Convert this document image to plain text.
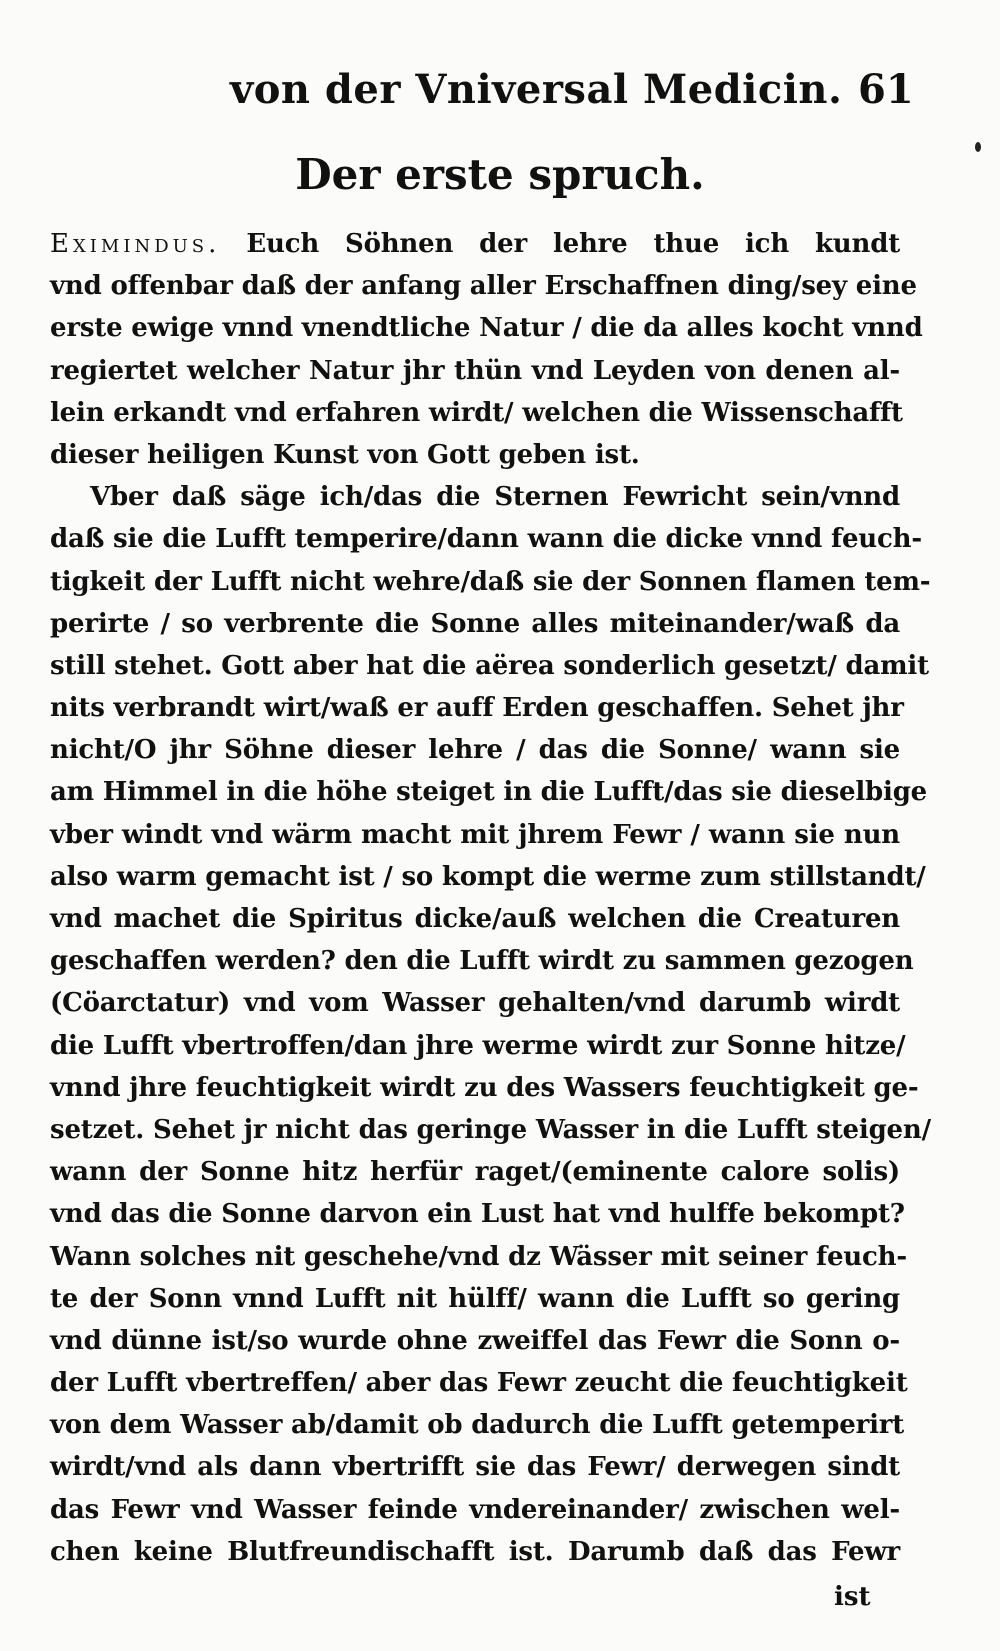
von der Vniversal Medicin. 61
Der erste spruch.
Eximindus. Euch Söhnen der lehre thue ich kundt
vnd offenbar daß der anfang aller Erschaffnen ding/sey eine
erste ewige vnnd vnendtliche Natur / die da alles kocht vnnd
regiertet welcher Natur jhr thün vnd Leyden von denen al-
lein erkandt vnd erfahren wirdt/ welchen die Wissenschafft
dieser heiligen Kunst von Gott geben ist.
Vber daß säge ich/das die Sternen Fewricht sein/vnnd
daß sie die Lufft temperire/dann wann die dicke vnnd feuch-
tigkeit der Lufft nicht wehre/daß sie der Sonnen flamen tem-
perirte / so verbrente die Sonne alles miteinander/waß da
still stehet. Gott aber hat die aërea sonderlich gesetzt/ damit
nits verbrandt wirt/waß er auff Erden geschaffen. Sehet jhr
nicht/O jhr Söhne dieser lehre / das die Sonne/ wann sie
am Himmel in die höhe steiget in die Lufft/das sie dieselbige
vber windt vnd wärm macht mit jhrem Fewr / wann sie nun
also warm gemacht ist / so kompt die werme zum stillstandt/
vnd machet die Spiritus dicke/auß welchen die Creaturen
geschaffen werden? den die Lufft wirdt zu sammen gezogen
(Cöarctatur) vnd vom Wasser gehalten/vnd darumb wirdt
die Lufft vbertroffen/dan jhre werme wirdt zur Sonne hitze/
vnnd jhre feuchtigkeit wirdt zu des Wassers feuchtigkeit ge-
setzet. Sehet jr nicht das geringe Wasser in die Lufft steigen/
wann der Sonne hitz herfür raget/(eminente calore solis)
vnd das die Sonne darvon ein Lust hat vnd hulffe bekompt?
Wann solches nit geschehe/vnd dz Wässer mit seiner feuch-
te der Sonn vnnd Lufft nit hülff/ wann die Lufft so gering
vnd dünne ist/so wurde ohne zweiffel das Fewr die Sonn o-
der Lufft vbertreffen/ aber das Fewr zeucht die feuchtigkeit
von dem Wasser ab/damit ob dadurch die Lufft getemperirt
wirdt/vnd als dann vbertrifft sie das Fewr/ derwegen sindt
das Fewr vnd Wasser feinde vndereinander/ zwischen wel-
chen keine Blutfreundischafft ist. Darumb daß das Fewr
ist
